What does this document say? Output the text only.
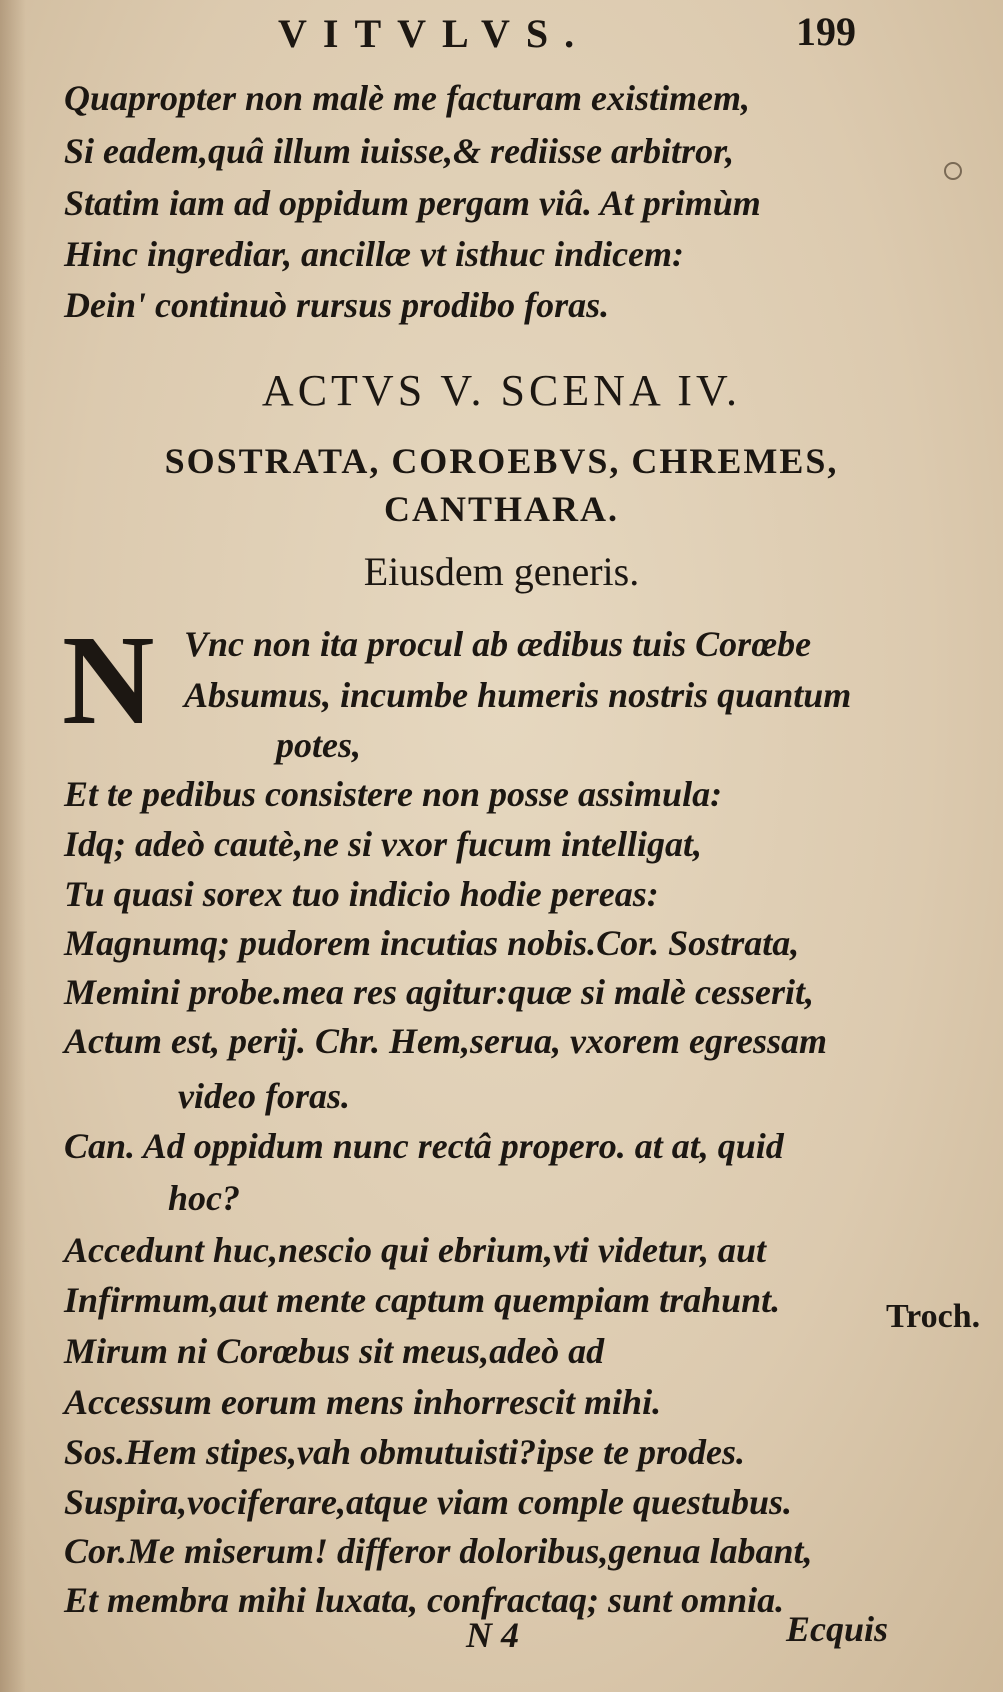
VITVLVS.	199
Quapropter non malè me facturam existimem,
Si eadem,quâ illum iuisse,& rediisse arbitror,
Statim iam ad oppidum pergam viâ. At primùm
Hinc ingrediar, ancillæ vt isthuc indicem:
Dein' continuò rursus prodibo foras.
ACTVS V. SCENA IV.
SOSTRATA, COROEBVS, CHREMES,
CANTHARA.
Eiusdem generis.
N Vnc non ita procul ab ædibus tuis Corœbe
Absumus, incumbe humeris nostris quantum
potes,
Et te pedibus consistere non posse assimula:
Idq; adeò cautè,ne si vxor fucum intelligat,
Tu quasi sorex tuo indicio hodie pereas:
Magnumq; pudorem incutias nobis.Cor. Sostrata,
Memini probe.mea res agitur:quæ si malè cesserit,
Actum est, perij. Chr. Hem,serua, vxorem egressam
video foras.
Can. Ad oppidum nunc rectâ propero. at at, quid
hoc?
Accedunt huc,nescio qui ebrium,vti videtur, aut
Infirmum,aut mente captum quempiam trahunt.
Mirum ni Corœbus sit meus,adeò ad
Accessum eorum mens inhorrescit mihi.
Sos.Hem stipes,vah obmutuisti?ipse te prodes.
Suspira,vociferare,atque viam comple questubus.
Cor.Me miserum! differor doloribus,genua labant,
Et membra mihi luxata, confractaq; sunt omnia.
Troch.
N 4	Ecquis
